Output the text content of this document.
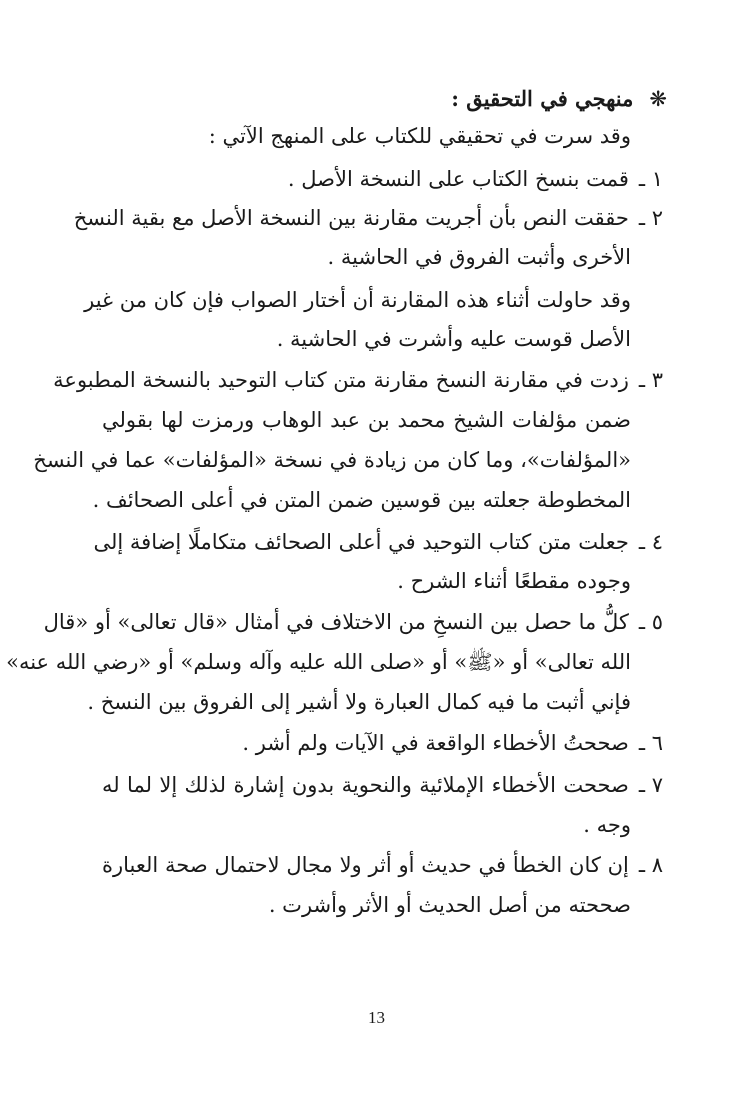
❋منهجي في التحقيق :
وقد سرت في تحقيقي للكتاب على المنهج الآتي :
١ ـقمت بنسخ الكتاب على النسخة الأصل .
٢ ـحققت النص بأن أجريت مقارنة بين النسخة الأصل مع بقية النسخ
الأخرى وأثبت الفروق في الحاشية .
وقد حاولت أثناء هذه المقارنة أن أختار الصواب فإن كان من غير
الأصل قوست عليه وأشرت في الحاشية .
٣ ـزدت في مقارنة النسخ مقارنة متن كتاب التوحيد بالنسخة المطبوعة
ضمن مؤلفات الشيخ محمد بن عبد الوهاب ورمزت لها بقولي
«المؤلفات»، وما كان من زيادة في نسخة «المؤلفات» عما في النسخ
المخطوطة جعلته بين قوسين ضمن المتن في أعلى الصحائف .
٤ ـجعلت متن كتاب التوحيد في أعلى الصحائف متكاملًا إضافة إلى
وجوده مقطعًا أثناء الشرح .
٥ ـكلُّ ما حصل بين النسخِ من الاختلاف في أمثال «قال تعالى» أو «قال
الله تعالى» أو «ﷺ» أو «صلى الله عليه وآله وسلم» أو «رضي الله عنه»
فإني أثبت ما فيه كمال العبارة ولا أشير إلى الفروق بين النسخ .
٦ ـصححتُ الأخطاء الواقعة في الآيات ولم أشر .
٧ ـصححت الأخطاء الإملائية والنحوية بدون إشارة لذلك إلا لما له
وجه .
٨ ـإن كان الخطأ في حديث أو أثر ولا مجال لاحتمال صحة العبارة
صححته من أصل الحديث أو الأثر وأشرت .
13
